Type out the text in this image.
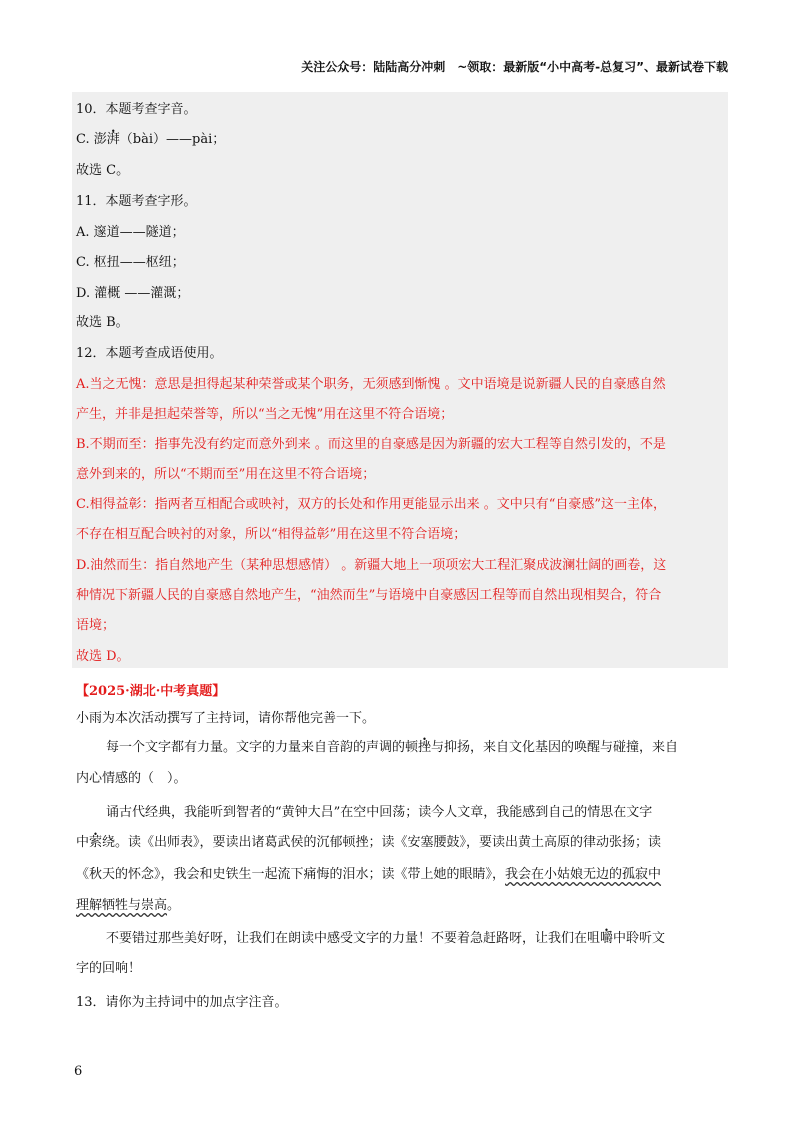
关注公众号：陆陆高分冲刺　~领取：最新版“小中高考-总复习”、最新试卷下载
10．本题考查字音。
C. 澎湃（bài）——pài；
故选 C。
11．本题考查字形。
A. 邃道——隧道；
C. 枢扭——枢纽；
D. 灌概 ——灌溉；
故选 B。
12．本题考查成语使用。
A.当之无愧：意思是担得起某种荣誉或某个职务，无须感到惭愧 。文中语境是说新疆人民的自豪感自然
产生，并非是担起荣誉等，所以“当之无愧”用在这里不符合语境；
B.不期而至：指事先没有约定而意外到来 。而这里的自豪感是因为新疆的宏大工程等自然引发的，不是
意外到来的，所以“不期而至”用在这里不符合语境；
C.相得益彰：指两者互相配合或映衬，双方的长处和作用更能显示出来 。文中只有“自豪感”这一主体，
不存在相互配合映衬的对象，所以“相得益彰”用在这里不符合语境；
D.油然而生：指自然地产生（某种思想感情） 。新疆大地上一项项宏大工程汇聚成波澜壮阔的画卷，这
种情况下新疆人民的自豪感自然地产生，“油然而生”与语境中自豪感因工程等而自然出现相契合，符合
语境；
故选 D。
【2025·湖北·中考真题】
小雨为本次活动撰写了主持词，请你帮他完善一下。
每一个文字都有力量。文字的力量来自音韵的声调的顿挫与抑扬，来自文化基因的唤醒与碰撞，来自
内心情感的（　）。
诵古代经典，我能听到智者的“黄钟大吕”在空中回荡；读今人文章，我能感到自己的情思在文字
中萦绕。读《出师表》，要读出诸葛武侯的沉郁顿挫；读《安塞腰鼓》，要读出黄土高原的律动张扬；读
《秋天的怀念》，我会和史铁生一起流下痛悔的泪水；读《带上她的眼睛》，我会在小姑娘无边的孤寂中
理解牺牲与崇高。
不要错过那些美好呀，让我们在朗读中感受文字的力量！不要着急赶路呀，让我们在咀嚼中聆听文
字的回响！
13．请你为主持词中的加点字注音。
6
